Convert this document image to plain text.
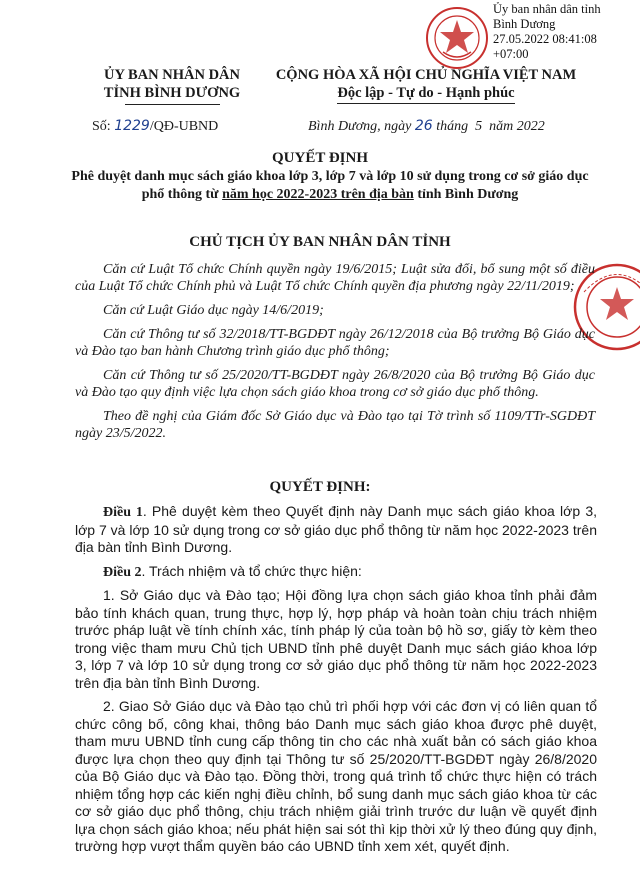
Ủy ban nhân dân tỉnh
Bình Dương
27.05.2022 08:41:08
+07:00
ỦY BAN NHÂN DÂN
TỈNH BÌNH DƯƠNG
CỘNG HÒA XÃ HỘI CHỦ NGHĨA VIỆT NAM
Độc lập - Tự do - Hạnh phúc
Số: 1229/QĐ-UBND	Bình Dương, ngày 26 tháng  5  năm 2022
QUYẾT ĐỊNH
Phê duyệt danh mục sách giáo khoa lớp 3, lớp 7 và lớp 10 sử dụng trong cơ sở giáo dục phổ thông từ năm học 2022-2023 trên địa bàn tỉnh Bình Dương
CHỦ TỊCH ỦY BAN NHÂN DÂN TỈNH

Căn cứ Luật Tổ chức Chính quyền ngày 19/6/2015; Luật sửa đổi, bổ sung một số điều của Luật Tổ chức Chính phủ và Luật Tổ chức Chính quyền địa phương ngày 22/11/2019;

Căn cứ Luật Giáo dục ngày 14/6/2019;

Căn cứ Thông tư số 32/2018/TT-BGDĐT ngày 26/12/2018 của Bộ trưởng Bộ Giáo dục và Đào tạo ban hành Chương trình giáo dục phổ thông;

Căn cứ Thông tư số 25/2020/TT-BGDĐT ngày 26/8/2020 của Bộ trưởng Bộ Giáo dục và Đào tạo quy định việc lựa chọn sách giáo khoa trong cơ sở giáo dục phổ thông.

Theo đề nghị của Giám đốc Sở Giáo dục và Đào tạo tại Tờ trình số 1109/TTr-SGDĐT ngày 23/5/2022.

QUYẾT ĐỊNH:

Điều 1. Phê duyệt kèm theo Quyết định này Danh mục sách giáo khoa lớp 3, lớp 7 và lớp 10 sử dụng trong cơ sở giáo dục phổ thông từ năm học 2022-2023 trên địa bàn tỉnh Bình Dương.

Điều 2. Trách nhiệm và tổ chức thực hiện:

1. Sở Giáo dục và Đào tạo; Hội đồng lựa chọn sách giáo khoa tỉnh phải đảm bảo tính khách quan, trung thực, hợp lý, hợp pháp và hoàn toàn chịu trách nhiệm trước pháp luật về tính chính xác, tính pháp lý của toàn bộ hồ sơ, giấy tờ kèm theo trong việc tham mưu Chủ tịch UBND tỉnh phê duyệt Danh mục sách giáo khoa lớp 3, lớp 7 và lớp 10 sử dụng trong cơ sở giáo dục phổ thông từ năm học 2022-2023 trên địa bàn tỉnh Bình Dương.

2. Giao Sở Giáo dục và Đào tạo chủ trì phối hợp với các đơn vị có liên quan tổ chức công bố, công khai, thông báo Danh mục sách giáo khoa được phê duyệt, tham mưu UBND tỉnh cung cấp thông tin cho các nhà xuất bản có sách giáo khoa được lựa chọn theo quy định tại Thông tư số 25/2020/TT-BGDĐT ngày 26/8/2020 của Bộ Giáo dục và Đào tạo. Đồng thời, trong quá trình tổ chức thực hiện có trách nhiệm tổng hợp các kiến nghị điều chỉnh, bổ sung danh mục sách giáo khoa từ các cơ sở giáo dục phổ thông, chịu trách nhiệm giải trình trước dư luận về quyết định lựa chọn sách giáo khoa; nếu phát hiện sai sót thì kịp thời xử lý theo đúng quy định, trường hợp vượt thẩm quyền báo cáo UBND tỉnh xem xét, quyết định.
